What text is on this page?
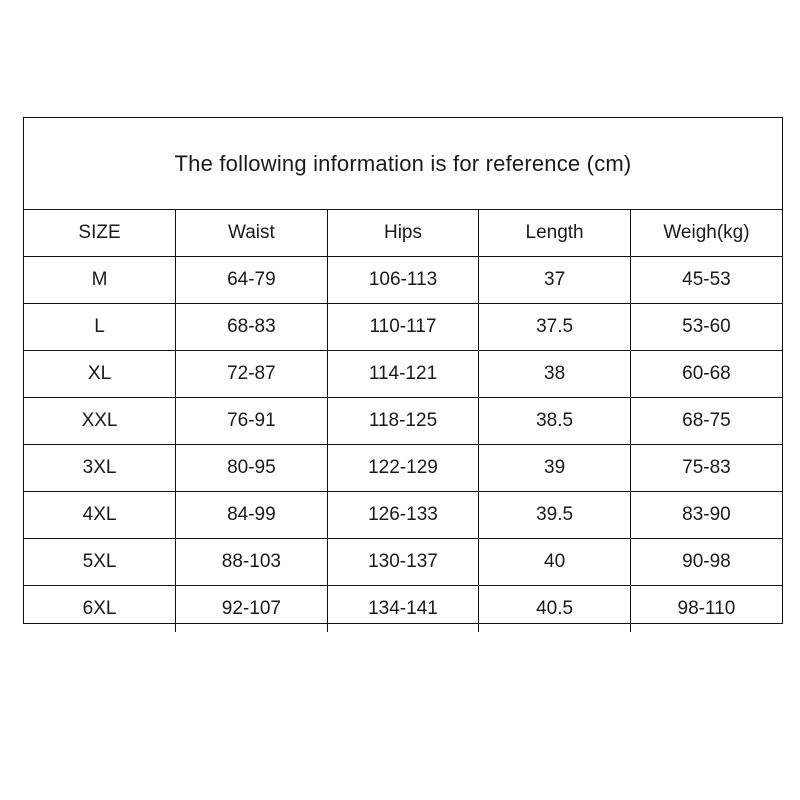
The following information is for reference (cm)
SIZE	Waist	Hips	Length	Weigh(kg)
M	64-79	106-113	37	45-53
L	68-83	110-117	37.5	53-60
XL	72-87	114-121	38	60-68
XXL	76-91	118-125	38.5	68-75
3XL	80-95	122-129	39	75-83
4XL	84-99	126-133	39.5	83-90
5XL	88-103	130-137	40	90-98
6XL	92-107	134-141	40.5	98-110
